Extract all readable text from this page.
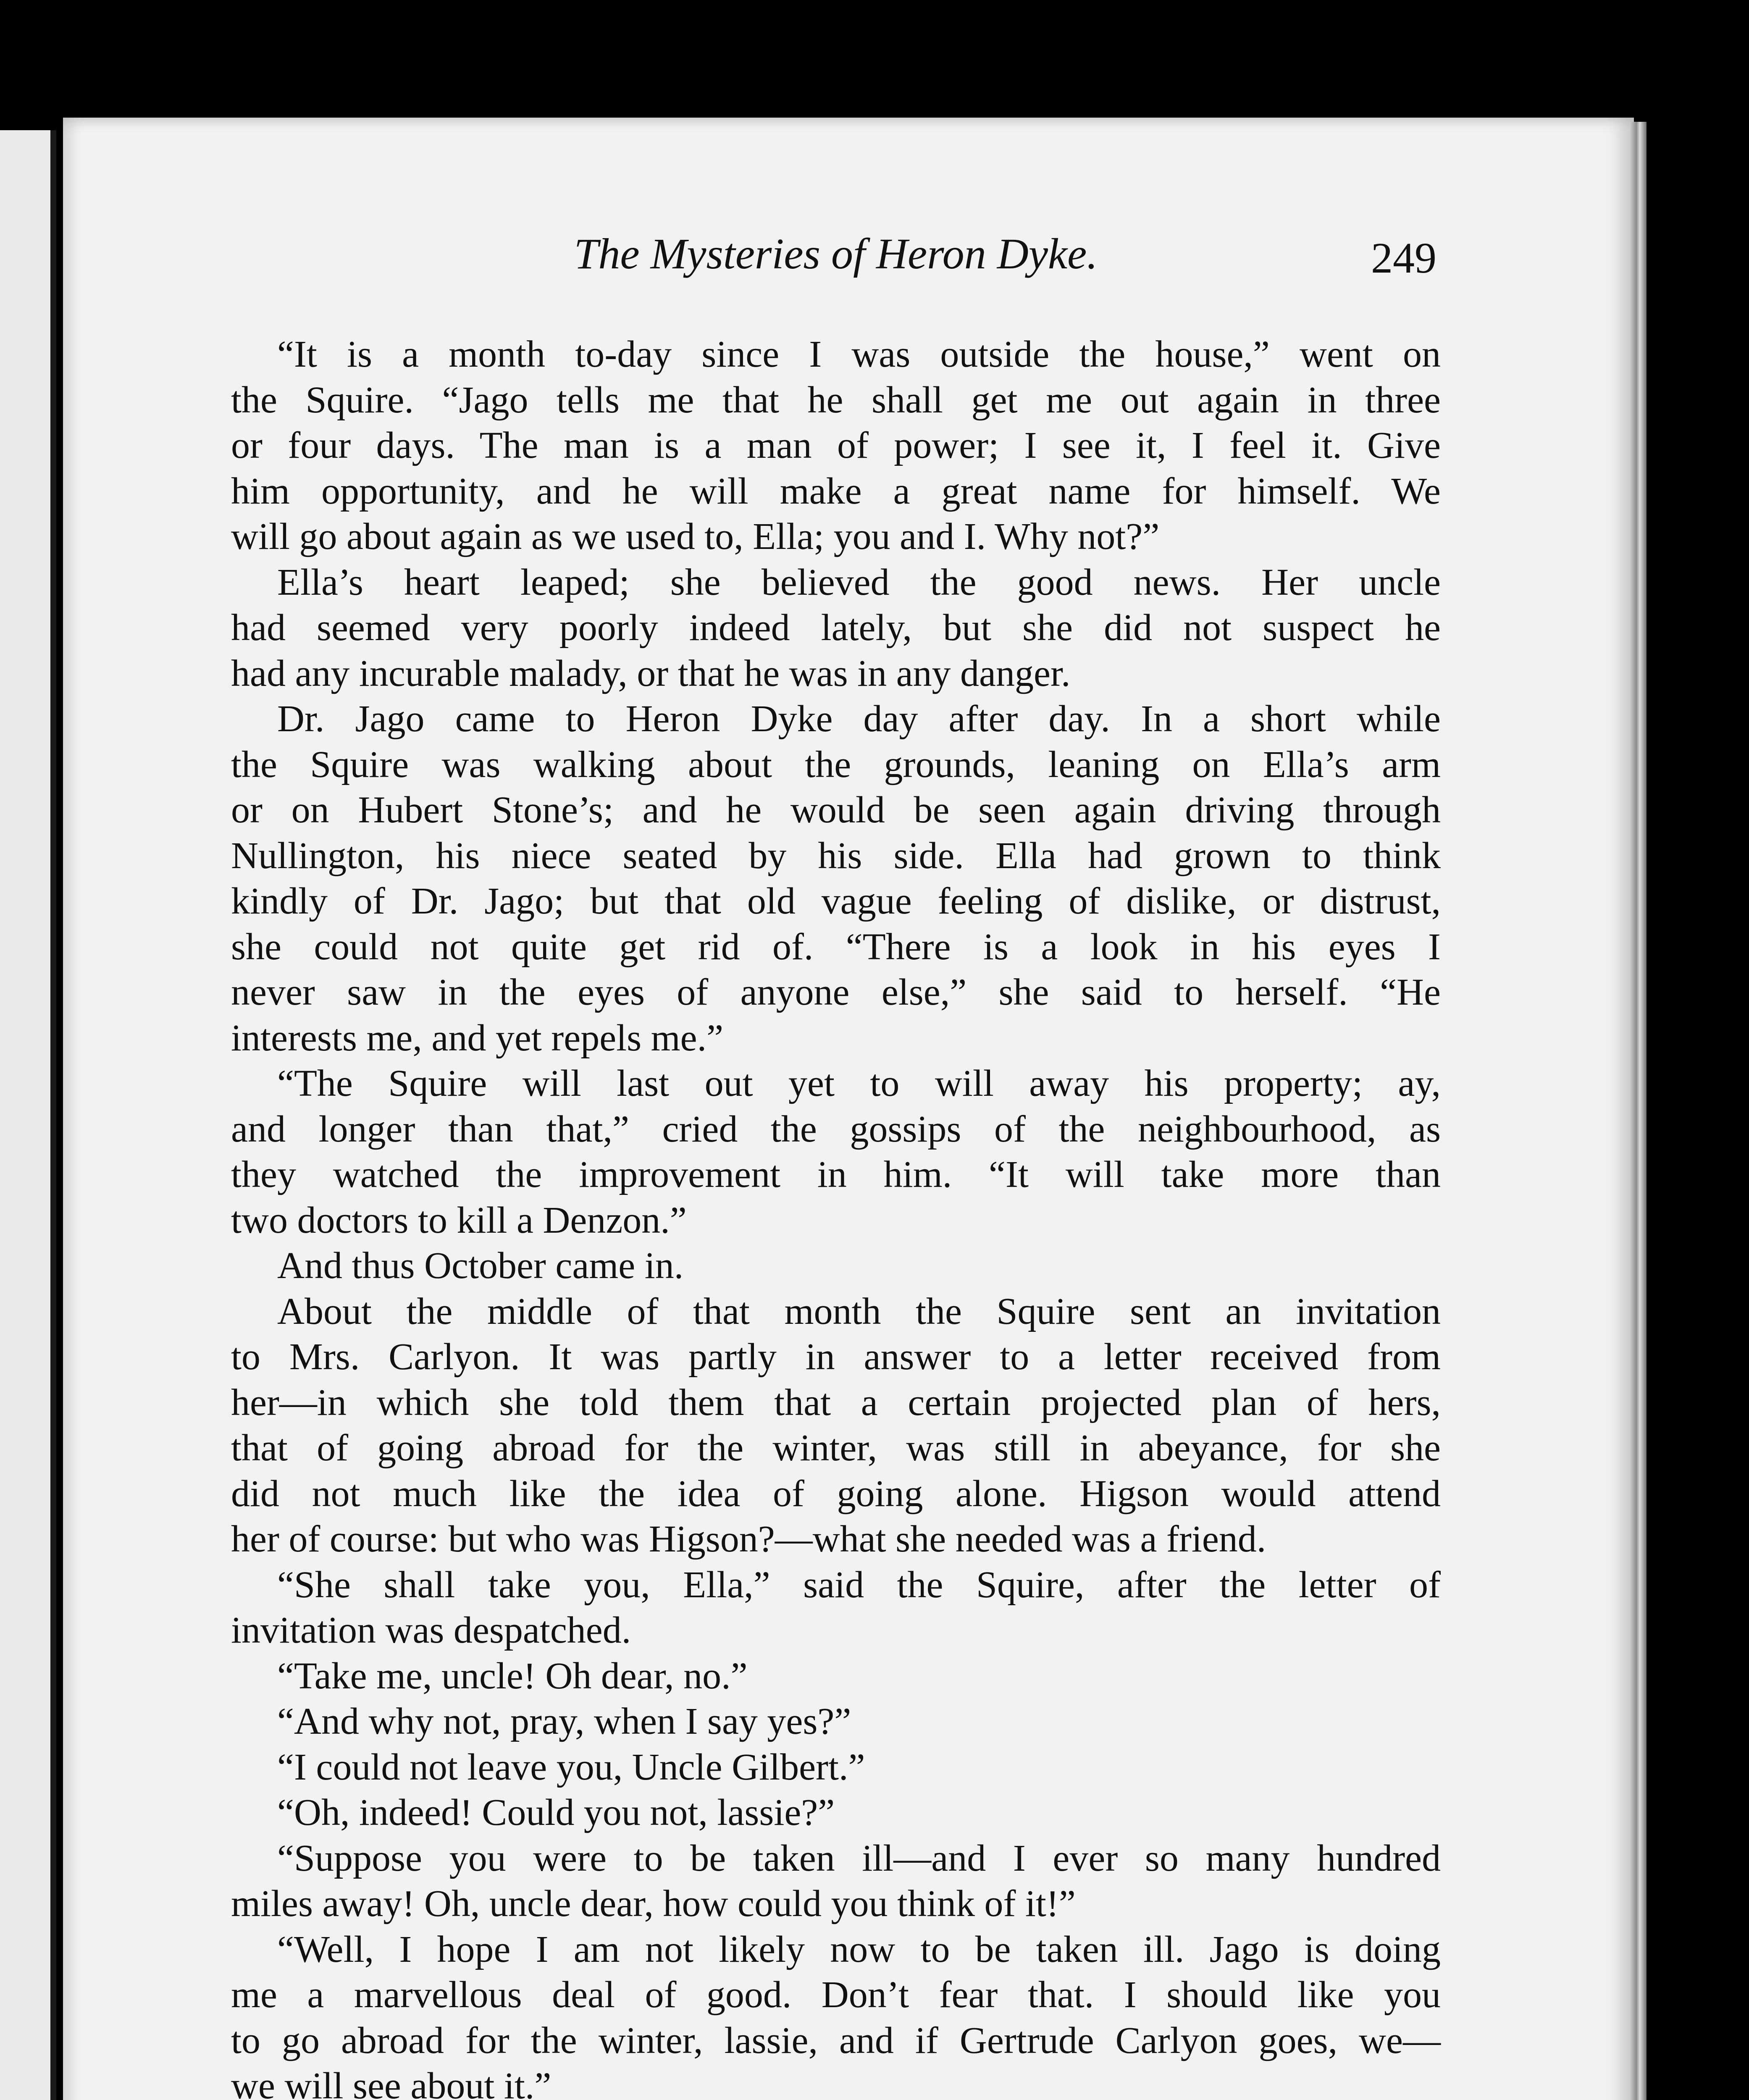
The Mysteries of Heron Dyke.	249
“It is a month to-day since I was outside the house,” went on
the Squire. “Jago tells me that he shall get me out again in three
or four days. The man is a man of power; I see it, I feel it. Give
him opportunity, and he will make a great name for himself. We
will go about again as we used to, Ella; you and I. Why not?”
Ella’s heart leaped; she believed the good news. Her uncle
had seemed very poorly indeed lately, but she did not suspect he
had any incurable malady, or that he was in any danger.
Dr. Jago came to Heron Dyke day after day. In a short while
the Squire was walking about the grounds, leaning on Ella’s arm
or on Hubert Stone’s; and he would be seen again driving through
Nullington, his niece seated by his side. Ella had grown to think
kindly of Dr. Jago; but that old vague feeling of dislike, or distrust,
she could not quite get rid of. “There is a look in his eyes I
never saw in the eyes of anyone else,” she said to herself. “He
interests me, and yet repels me.”
“The Squire will last out yet to will away his property; ay,
and longer than that,” cried the gossips of the neighbourhood, as
they watched the improvement in him. “It will take more than
two doctors to kill a Denzon.”
And thus October came in.
About the middle of that month the Squire sent an invitation
to Mrs. Carlyon. It was partly in answer to a letter received from
her—in which she told them that a certain projected plan of hers,
that of going abroad for the winter, was still in abeyance, for she
did not much like the idea of going alone. Higson would attend
her of course: but who was Higson?—what she needed was a friend.
“She shall take you, Ella,” said the Squire, after the letter of
invitation was despatched.
“Take me, uncle! Oh dear, no.”
“And why not, pray, when I say yes?”
“I could not leave you, Uncle Gilbert.”
“Oh, indeed! Could you not, lassie?”
“Suppose you were to be taken ill—and I ever so many hundred
miles away! Oh, uncle dear, how could you think of it!”
“Well, I hope I am not likely now to be taken ill. Jago is doing
me a marvellous deal of good. Don’t fear that. I should like you
to go abroad for the winter, lassie, and if Gertrude Carlyon goes, we—
we will see about it.”
